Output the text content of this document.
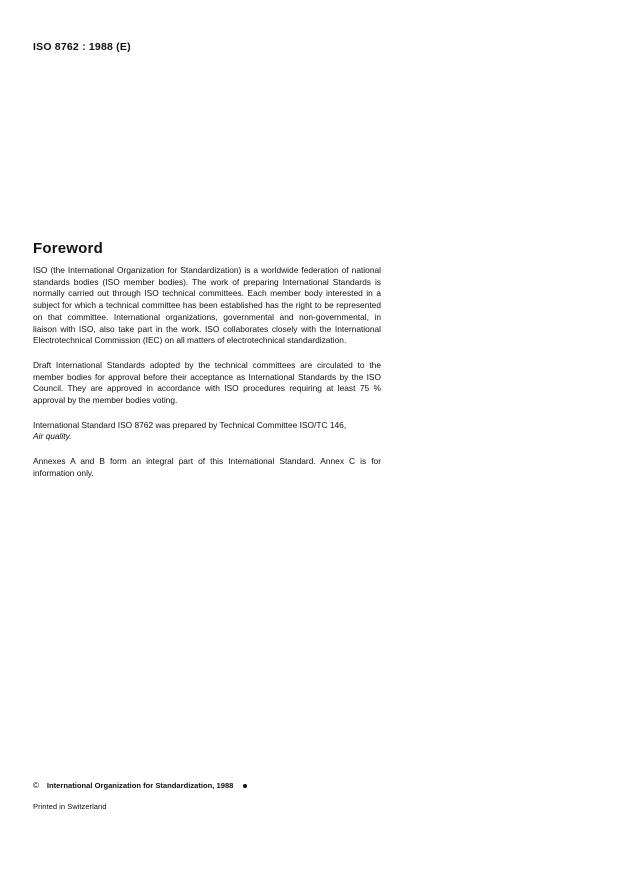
ISO 8762 : 1988 (E)
Foreword

ISO (the International Organization for Standardization) is a worldwide federation of national standards bodies (ISO member bodies). The work of preparing International Standards is normally carried out through ISO technical committees. Each member body interested in a subject for which a technical committee has been established has the right to be represented on that committee. International organizations, governmental and non-governmental, in liaison with ISO, also take part in the work. ISO collaborates closely with the International Electrotechnical Commission (IEC) on all matters of electrotechnical standardization.

Draft International Standards adopted by the technical committees are circulated to the member bodies for approval before their acceptance as International Standards by the ISO Council. They are approved in accordance with ISO procedures requiring at least 75 % approval by the member bodies voting.

International Standard ISO 8762 was prepared by Technical Committee ISO/TC 146,
Air quality.

Annexes A and B form an integral part of this International Standard. Annex C is for information only.

© International Organization for Standardization, 1988
Printed in Switzerland
